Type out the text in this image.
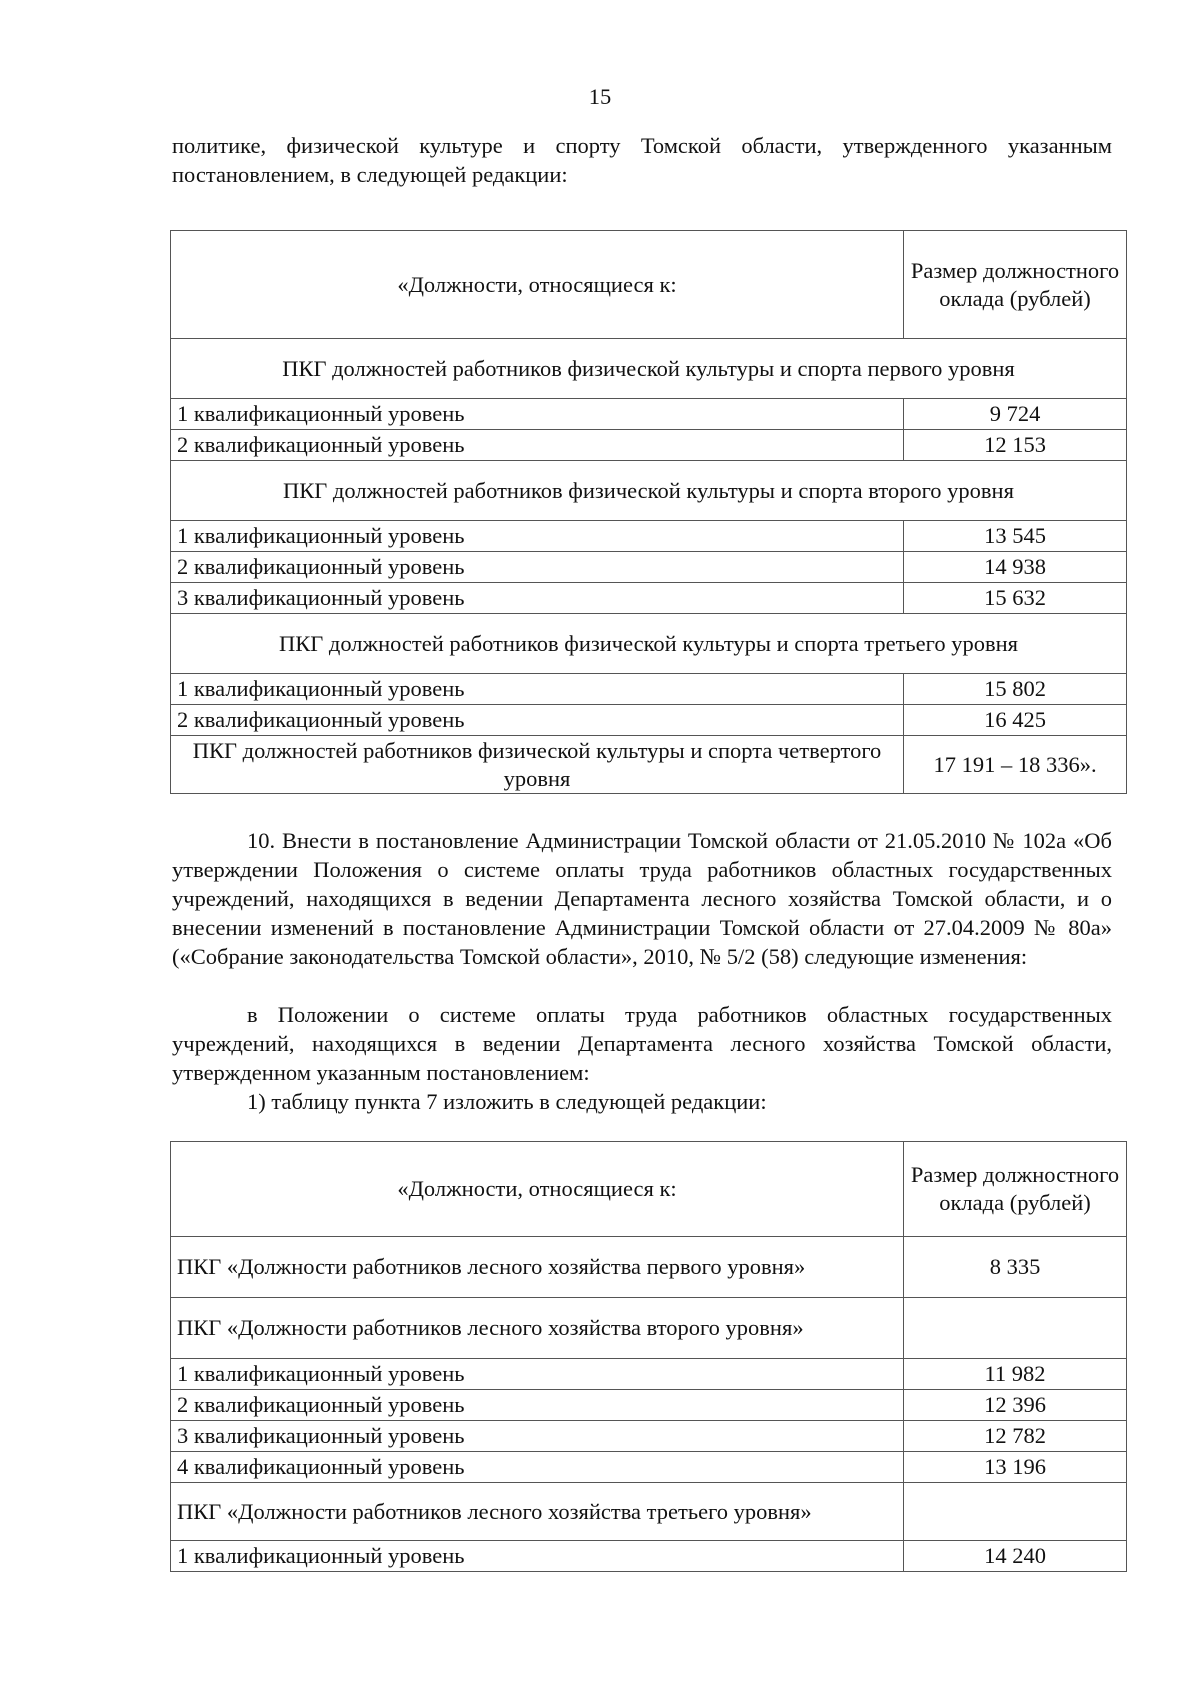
15
политике, физической культуре и спорту Томской области, утвержденного указанным постановлением, в следующей редакции:
«Должности, относящиеся к:	Размер должностного оклада (рублей)
ПКГ должностей работников физической культуры и спорта первого уровня	
1 квалификационный уровень	9 724
2 квалификационный уровень	12 153
ПКГ должностей работников физической культуры и спорта второго уровня	
1 квалификационный уровень	13 545
2 квалификационный уровень	14 938
3 квалификационный уровень	15 632
ПКГ должностей работников физической культуры и спорта третьего уровня	
1 квалификационный уровень	15 802
2 квалификационный уровень	16 425
ПКГ должностей работников физической культуры и спорта четвертого уровня	17 191 – 18 336».
10. Внести в постановление Администрации Томской области от 21.05.2010 № 102а «Об утверждении Положения о системе оплаты труда работников областных государственных учреждений, находящихся в ведении Департамента лесного хозяйства Томской области, и о внесении изменений в постановление Администрации Томской области от 27.04.2009 № 80а» («Собрание законодательства Томской области», 2010, № 5/2 (58) следующие изменения:
в Положении о системе оплаты труда работников областных государственных учреждений, находящихся в ведении Департамента лесного хозяйства Томской области, утвержденном указанным постановлением:
1) таблицу пункта 7 изложить в следующей редакции:
«Должности, относящиеся к:	Размер должностного оклада (рублей)
ПКГ «Должности работников лесного хозяйства первого уровня»	8 335
ПКГ «Должности работников лесного хозяйства второго уровня»	
1 квалификационный уровень	11 982
2 квалификационный уровень	12 396
3 квалификационный уровень	12 782
4 квалификационный уровень	13 196
ПКГ «Должности работников лесного хозяйства третьего уровня»	
1 квалификационный уровень	14 240
